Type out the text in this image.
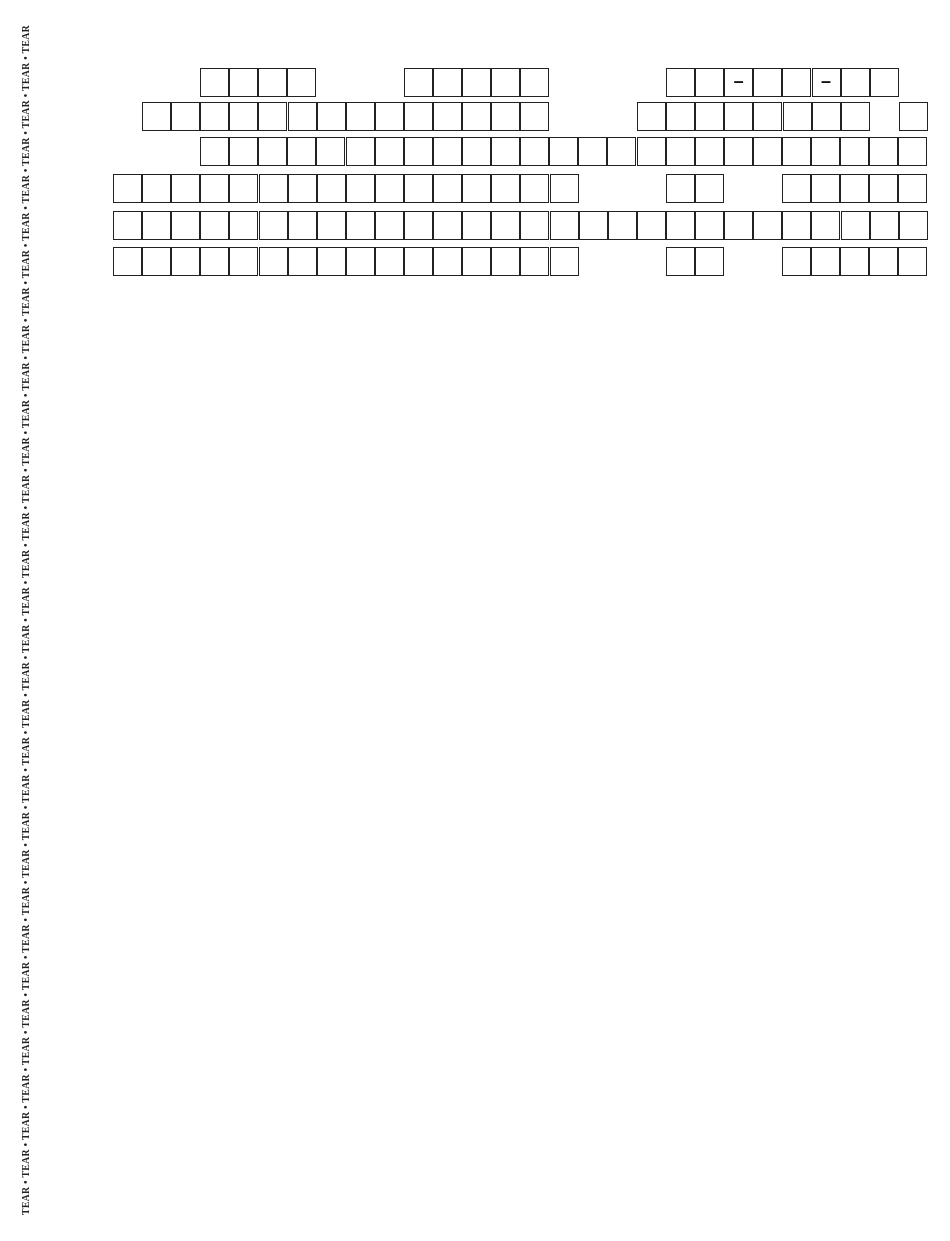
TEAR • TEAR • TEAR • TEAR • TEAR • TEAR • TEAR • TEAR • TEAR • TEAR • TEAR • TEAR • TEAR • TEAR • TEAR • TEAR • TEAR • TEAR • TEAR • TEAR • TEAR • TEAR • TEAR • TEAR • TEAR • TEAR • TEAR • TEAR • TEAR • TEAR • TEAR • TEAR	–	–
